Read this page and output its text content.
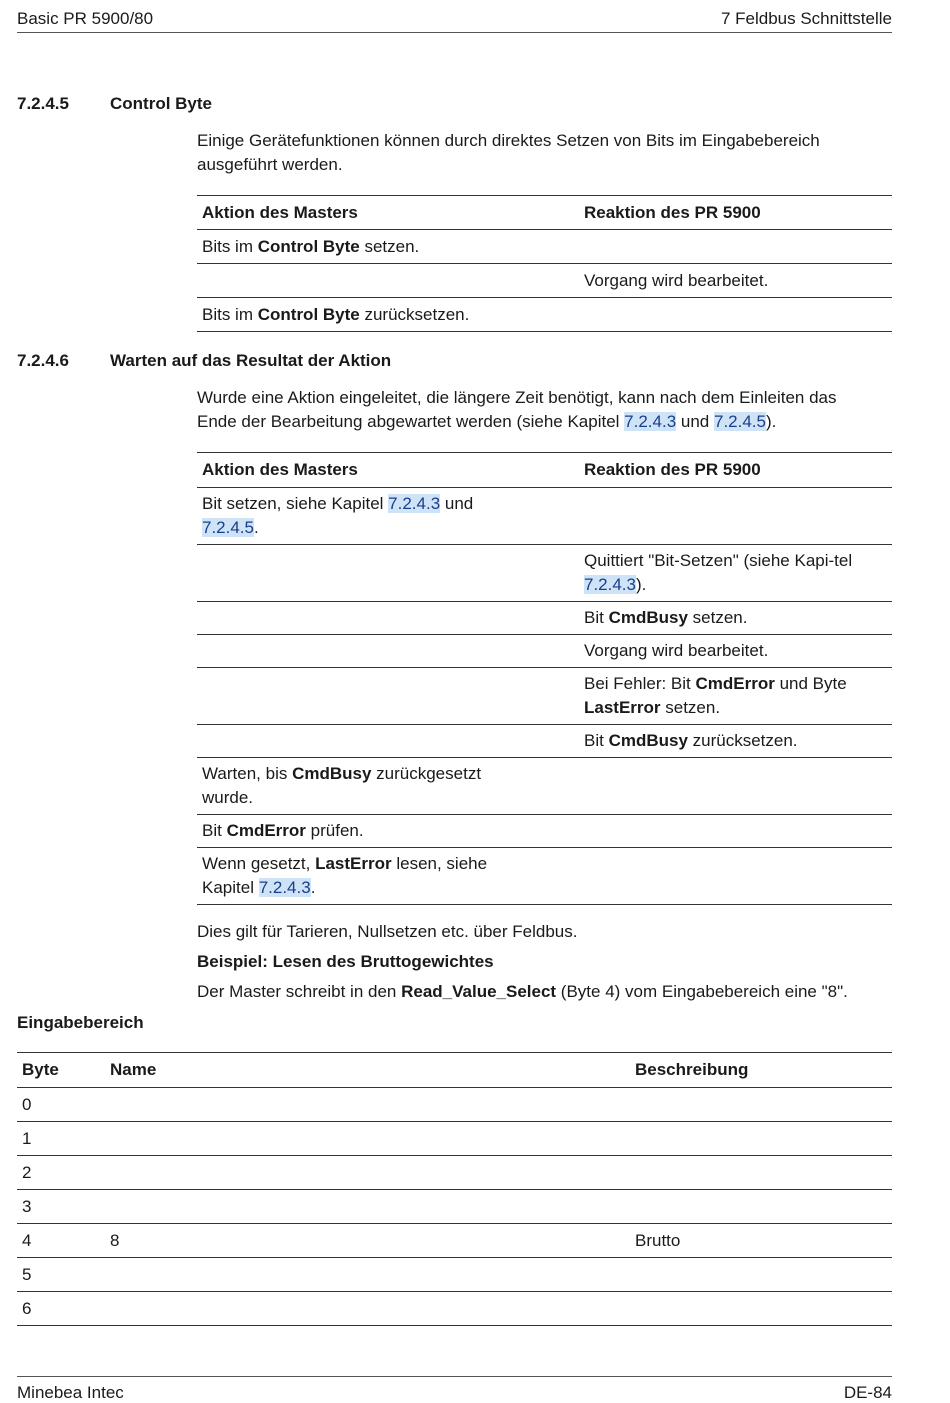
Basic PR 5900/80	7 Feldbus Schnittstelle
7.2.4.5 Control Byte
Einige Gerätefunktionen können durch direktes Setzen von Bits im Eingabebereich ausgeführt werden.
Aktion des Masters	Reaktion des PR 5900
Bits im Control Byte setzen.	
	Vorgang wird bearbeitet.
Bits im Control Byte zurücksetzen.	
7.2.4.6 Warten auf das Resultat der Aktion
Wurde eine Aktion eingeleitet, die längere Zeit benötigt, kann nach dem Einleiten das Ende der Bearbeitung abgewartet werden (siehe Kapitel 7.2.4.3 und 7.2.4.5).
Aktion des Masters	Reaktion des PR 5900
Bit setzen, siehe Kapitel 7.2.4.3 und 7.2.4.5.	
	Quittiert "Bit-Setzen" (siehe Kapi-tel 7.2.4.3).
	Bit CmdBusy setzen.
	Vorgang wird bearbeitet.
	Bei Fehler: Bit CmdError und Byte LastError setzen.
	Bit CmdBusy zurücksetzen.
Warten, bis CmdBusy zurückgesetzt wurde.	
Bit CmdError prüfen.	
Wenn gesetzt, LastError lesen, siehe Kapitel 7.2.4.3.	
Dies gilt für Tarieren, Nullsetzen etc. über Feldbus.
Beispiel: Lesen des Bruttogewichtes
Der Master schreibt in den Read_Value_Select (Byte 4) vom Eingabebereich eine "8".
Eingabebereich
Byte	Name	Beschreibung
0		
1		
2		
3		
4	8	Brutto
5		
6		
Minebea Intec	DE-84
